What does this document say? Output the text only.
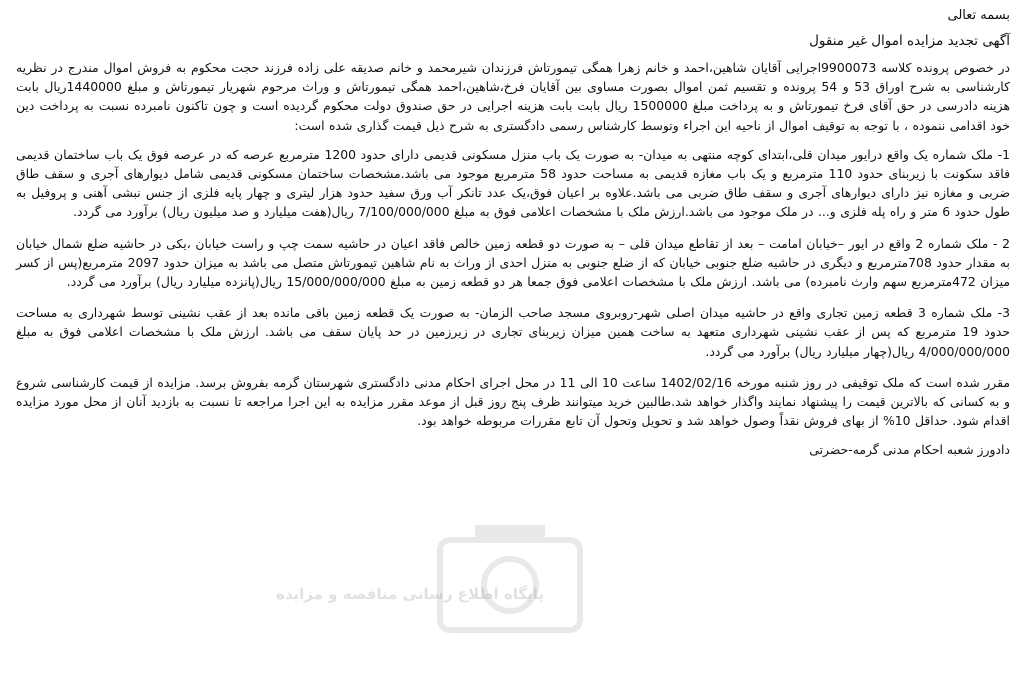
بسمه تعالی

آگهی تجدید مزایده اموال غیر منقول

در خصوص پرونده کلاسه 9900073اجرایی آقایان شاهین،احمد و خانم زهرا همگی تیمورتاش فرزندان شیرمحمد و خانم صدیقه علی زاده فرزند حجت محکوم به فروش اموال مندرج در نظریه کارشناسی به شرح اوراق 53 و 54 پرونده و تقسیم ثمن اموال بصورت مساوی بین آقایان فرخ،شاهین،احمد همگی تیمورتاش و وراث مرحوم شهریار تیمورتاش و مبلغ 1440000ریال بابت هزینه دادرسی در حق آقای فرخ تیمورتاش و به پرداخت مبلغ 1500000 ریال بابت بابت هزینه اجرایی در حق صندوق دولت محکوم گردیده است و چون تاکنون نامبرده نسبت به پرداخت دین خود اقدامی ننموده ، با توجه به توقیف اموال از ناحیه این اجراء وتوسط کارشناس رسمی دادگستری به شرح ذیل قیمت گذاری شده است:

1- ملک شماره یک واقع درایور میدان قلی،ابتدای کوچه منتهی به میدان- به صورت یک باب منزل مسکونی قدیمی دارای حدود 1200 مترمربع عرصه که در عرصه فوق یک باب ساختمان قدیمی فاقد سکونت با زیربنای حدود 110 مترمربع و یک باب مغازه قدیمی به مساحت حدود 58 مترمربع موجود می باشد.مشخصات ساختمان مسکونی قدیمی شامل دیوارهای آجری و سقف طاق ضربی و مغازه نیز دارای دیوارهای آجری و سقف طاق ضربی می باشد.علاوه بر اعیان فوق،یک عدد تانکر آب ورق سفید حدود هزار لیتری و چهار پایه فلزی از جنس نبشی آهنی و پروفیل به طول حدود 6 متر و راه پله فلزی و... در ملک موجود می باشد.ارزش ملک با مشخصات اعلامی فوق به مبلغ 7/100/000/000 ریال(هفت میلیارد و صد میلیون ریال) برآورد می گردد.

2 - ملک شماره 2 واقع در ایور –خیابان امامت – بعد از تقاطع میدان قلی – به صورت دو قطعه زمین خالص فاقد اعیان در حاشیه سمت چپ و راست خیابان ،یکی در حاشیه ضلع شمال خیابان به مقدار حدود 708مترمربع و دیگری در حاشیه ضلع جنوبی خیابان که از ضلع جنوبی به منزل احدی از وراث به نام شاهین تیمورتاش متصل می باشد به میزان حدود 2097 مترمربع(پس از کسر میزان 472مترمربع سهم وارث نامبرده) می باشد. ارزش ملک با مشخصات اعلامی فوق جمعا هر دو قطعه زمین به مبلغ 15/000/000/000 ریال(پانزده میلیارد ریال) برآورد می گردد.

3- ملک شماره 3 قطعه زمین تجاری واقع در حاشیه میدان اصلی شهر-روبروی مسجد صاحب الزمان- به صورت یک قطعه زمین باقی مانده بعد از عقب نشینی توسط شهرداری به مساحت حدود 19 مترمربع که پس از عقب نشینی شهرداری متعهد به ساخت همین میزان زیربنای تجاری در زیرزمین در حد پایان سقف می باشد. ارزش ملک با مشخصات اعلامی فوق به مبلغ 4/000/000/000 ریال(چهار میلیارد ریال) برآورد می گردد.

مقرر شده است که ملک توقیفی در روز شنبه مورخه 1402/02/16 ساعت 10 الی 11 در محل اجرای احکام مدنی دادگستری شهرستان گرمه بفروش برسد. مزایده از قیمت کارشناسی شروع و به کسانی که بالاترین قیمت را پیشنهاد نمایند واگذار خواهد شد.طالبین خرید میتوانند ظرف پنج روز قبل از موعد مقرر مزایده به این اجرا مراجعه تا نسبت به بازدید آنان از محل مورد مزایده اقدام شود. حداقل 10% از بهای فروش نقداً وصول خواهد شد و تحویل وتحول آن تابع مقررات مربوطه خواهد بود.

دادورز شعبه احکام مدنی گرمه-حضرتی

پایگاه اطلاع رسانی مناقصه و مزایده
